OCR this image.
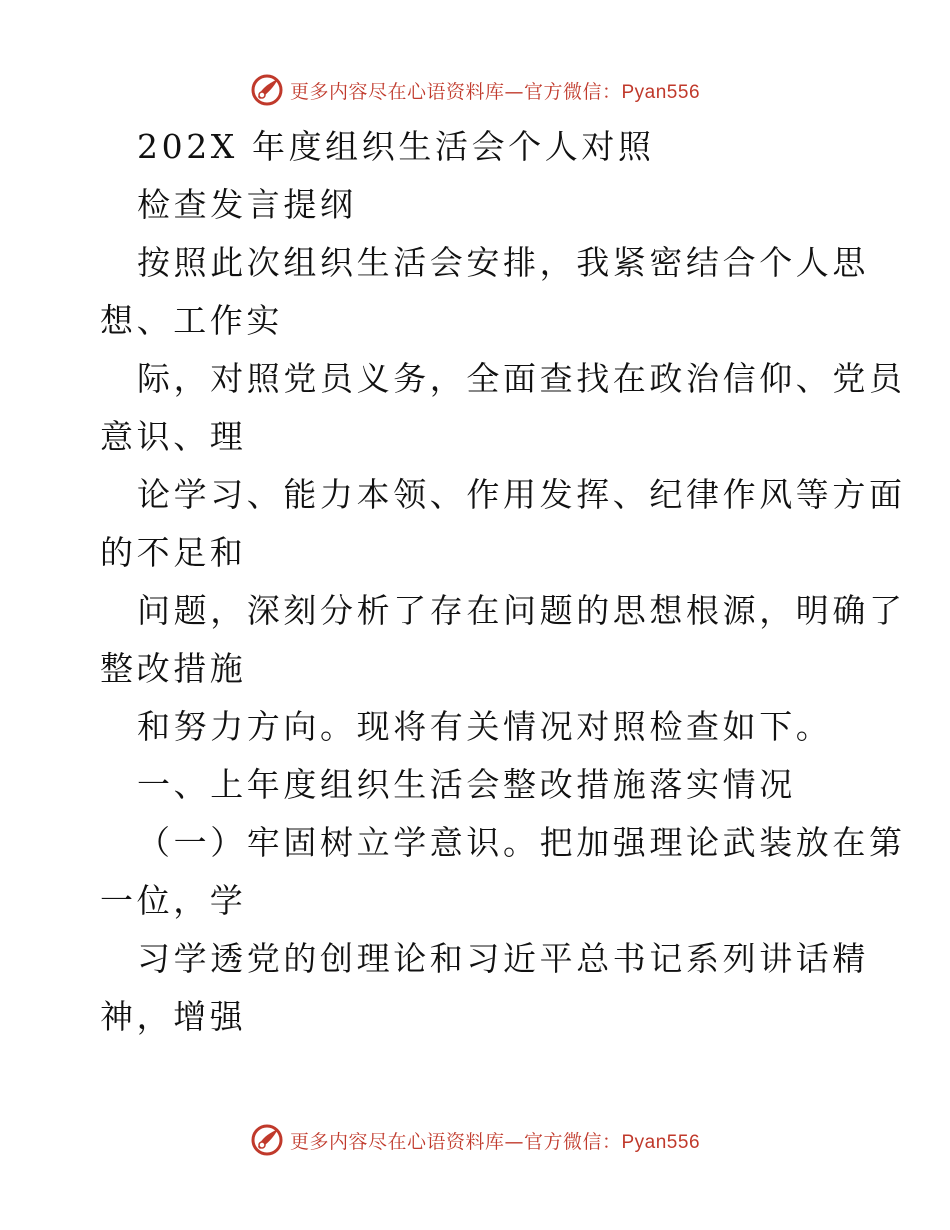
更多内容尽在心语资料库—官方微信：Pyan556
202X 年度组织生活会个人对照
检查发言提纲
按照此次组织生活会安排，我紧密结合个人思
想、工作实
际，对照党员义务，全面查找在政治信仰、党员
意识、理
论学习、能力本领、作用发挥、纪律作风等方面
的不足和
问题，深刻分析了存在问题的思想根源，明确了
整改措施
和努力方向。现将有关情况对照检查如下。
一、上年度组织生活会整改措施落实情况
（一）牢固树立学意识。把加强理论武装放在第
一位，学
习学透党的创理论和习近平总书记系列讲话精
神，增强
更多内容尽在心语资料库—官方微信：Pyan556
